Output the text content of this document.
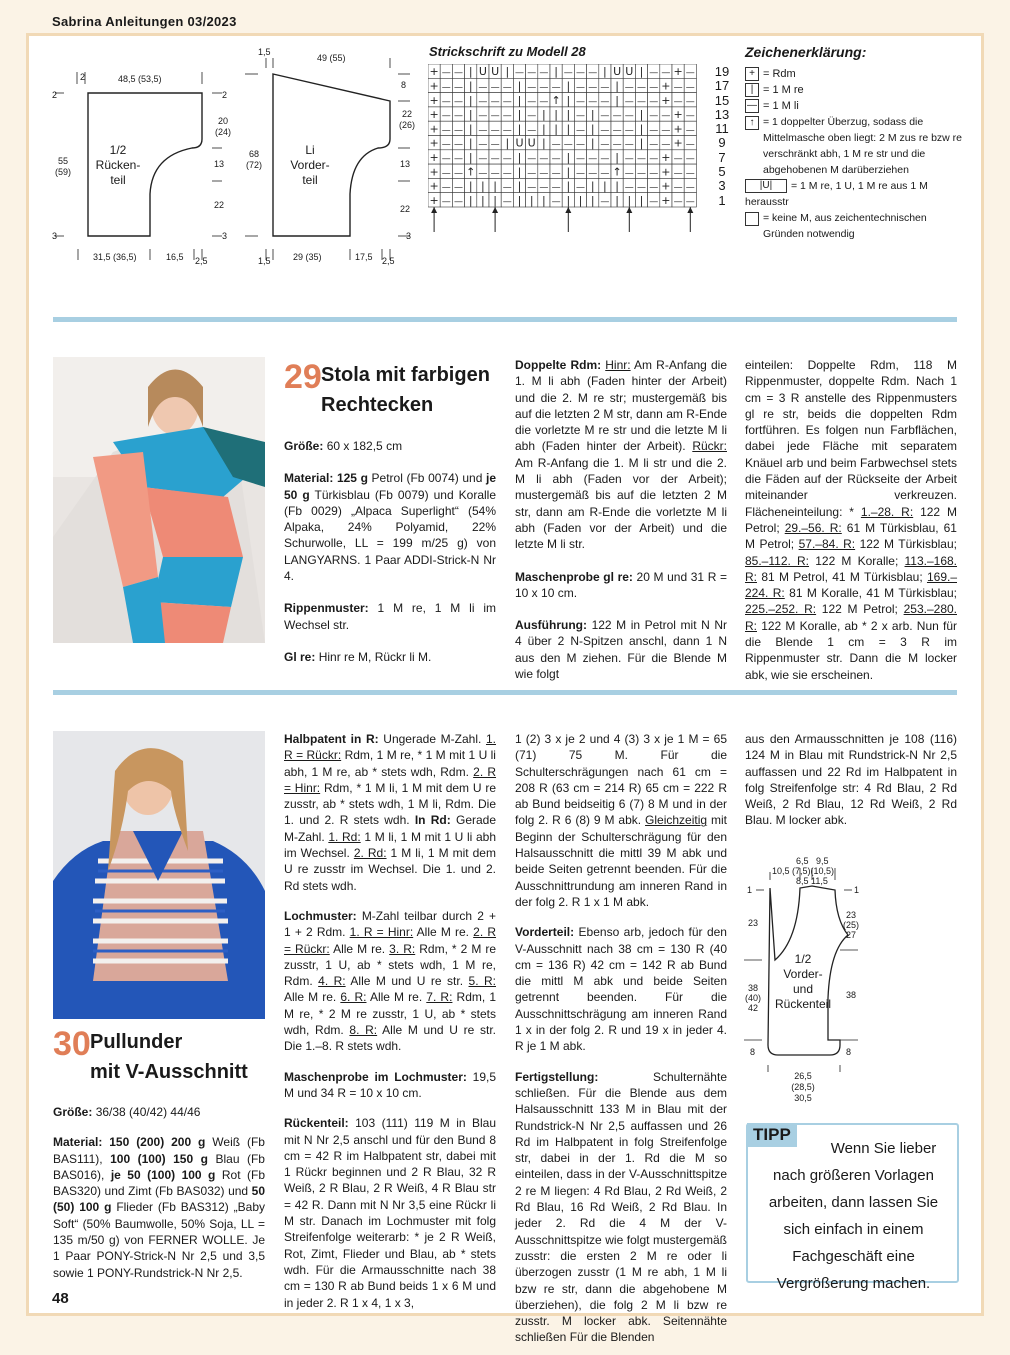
Sabrina Anleitungen 03/2023
2	48,5 (53,5)
2	2
20 (24)
13
22
55 (59)
3	3
1/2
Rücken-
teil
31,5 (36,5)	16,5 2,5
1,5
49 (55)
8
22 (26)
13
22
3
68 (72)
Li
Vorder-
teil
1,5 29 (35)	17,5 2,5
Strickschrift zu Modell 28
+ — — | U U | — — — | — — — | U U | — — + —
+ — — | — — — | — — — | — — — | — — — + — —
+ — — | — — — | — — ↑ | — — — | — — — + — —
+ — — | — — — | — | | | — | — — — | — — + —
+ — — | — — — | — | | | — | — — — | — — + —
+ — — | — — | U U | — — — | — — — | — — + —
+ — — | — — — | — — — | — — — | — — — + — —
+ — — ↑ — — — | — — — | — — — ↑ — — — + — —
+ — — | | | — | — — — | — | | | — — — + — —
+ — — | | | — | | | — | | | — | | | — + — —
19
17
15
13
11
9
7
5
3
1
Zeichenerklärung:
+ = Rdm
| = 1 M re
— = 1 M li
↑ = 1 doppelter Überzug, sodass die Mittelmasche oben liegt: 2 M zus re bzw re verschränkt abh, 1 M re str und die abgehobenen M darüberziehen
|U| = 1 M re, 1 U, 1 M re aus 1 M herausstr
= keine M, aus zeichentechnischen Gründen notwendig
29 Stola mit farbigen
Rechtecken

Größe: 60 x 182,5 cm

Material: 125 g Petrol (Fb 0074) und je 50 g Türkisblau (Fb 0079) und Koralle (Fb 0029) „Alpaca Superlight“ (54% Alpaka, 24% Polyamid, 22% Schurwolle, LL = 199 m/25 g) von LANGYARNS. 1 Paar ADDI-Strick-N Nr 4.

Rippenmuster: 1 M re, 1 M li im Wechsel str.

Gl re: Hinr re M, Rückr li M.

Doppelte Rdm: Hinr: Am R-Anfang die 1. M li abh (Faden hinter der Arbeit) und die 2. M re str; mustergemäß bis auf die letzten 2 M str, dann am R-Ende die vorletzte M re str und die letzte M li abh (Faden hinter der Arbeit). Rückr: Am R-Anfang die 1. M li str und die 2. M li abh (Faden vor der Arbeit); mustergemäß bis auf die letzten 2 M str, dann am R-Ende die vorletzte M li abh (Faden vor der Arbeit) und die letzte M li str.

Maschenprobe gl re: 20 M und 31 R = 10 x 10 cm.

Ausführung: 122 M in Petrol mit N Nr 4 über 2 N-Spitzen anschl, dann 1 N aus den M ziehen. Für die Blende M wie folgt

einteilen: Doppelte Rdm, 118 M Rippenmuster, doppelte Rdm. Nach 1 cm = 3 R anstelle des Rippenmusters gl re str, beids die doppelten Rdm fortführen. Es folgen nun Farbflächen, dabei jede Fläche mit separatem Knäuel arb und beim Farbwechsel stets die Fäden auf der Rückseite der Arbeit miteinander verkreuzen. Flächeneinteilung: * 1.–28. R: 122 M Petrol; 29.–56. R: 61 M Türkisblau, 61 M Petrol; 57.–84. R: 122 M Türkisblau; 85.–112. R: 122 M Koralle; 113.–168. R: 81 M Petrol, 41 M Türkisblau; 169.–224. R: 81 M Koralle, 41 M Türkisblau; 225.–252. R: 122 M Petrol; 253.–280. R: 122 M Koralle, ab * 2 x arb. Nun für die Blende 1 cm = 3 R im Rippenmuster str. Dann die M locker abk, wie sie erscheinen.

30 Pullunder
mit V-Ausschnitt

Größe: 36/38 (40/42) 44/46

Material: 150 (200) 200 g Weiß (Fb BAS111), 100 (100) 150 g Blau (Fb BAS016), je 50 (100) 100 g Rot (Fb BAS320) und Zimt (Fb BAS032) und 50 (50) 100 g Flieder (Fb BAS312) „Baby Soft“ (50% Baumwolle, 50% Soja, LL = 135 m/50 g) von FERNER WOLLE. Je 1 Paar PONY-Strick-N Nr 2,5 und 3,5 sowie 1 PONY-Rundstrick-N Nr 2,5.

Halbpatent in R: Ungerade M-Zahl. 1. R = Rückr: Rdm, 1 M re, * 1 M mit 1 U li abh, 1 M re, ab * stets wdh, Rdm. 2. R = Hinr: Rdm, * 1 M li, 1 M mit dem U re zusstr, ab * stets wdh, 1 M li, Rdm. Die 1. und 2. R stets wdh. In Rd: Gerade M-Zahl. 1. Rd: 1 M li, 1 M mit 1 U li abh im Wechsel. 2. Rd: 1 M li, 1 M mit dem U re zusstr im Wechsel. Die 1. und 2. Rd stets wdh.

Lochmuster: M-Zahl teilbar durch 2 + 1 + 2 Rdm. 1. R = Hinr: Alle M re. 2. R = Rückr: Alle M re. 3. R: Rdm, * 2 M re zusstr, 1 U, ab * stets wdh, 1 M re, Rdm. 4. R: Alle M und U re str. 5. R: Alle M re. 6. R: Alle M re. 7. R: Rdm, 1 M re, * 2 M re zusstr, 1 U, ab * stets wdh, Rdm. 8. R: Alle M und U re str. Die 1.–8. R stets wdh.

Maschenprobe im Lochmuster: 19,5 M und 34 R = 10 x 10 cm.

Rückenteil: 103 (111) 119 M in Blau mit N Nr 2,5 anschl und für den Bund 8 cm = 42 R im Halbpatent str, dabei mit 1 Rückr beginnen und 2 R Blau, 32 R Weiß, 2 R Blau, 2 R Weiß, 4 R Blau str = 42 R. Dann mit N Nr 3,5 eine Rückr li M str. Danach im Lochmuster mit folg Streifenfolge weiterarb: * je 2 R Weiß, Rot, Zimt, Flieder und Blau, ab * stets wdh. Für die Armausschnitte nach 38 cm = 130 R ab Bund beids 1 x 6 M und in jeder 2. R 1 x 4, 1 x 3,

1 (2) 3 x je 2 und 4 (3) 3 x je 1 M = 65 (71) 75 M. Für die Schulterschrägungen nach 61 cm = 208 R (63 cm = 214 R) 65 cm = 222 R ab Bund beidseitig 6 (7) 8 M und in der folg 2. R 6 (8) 9 M abk. Gleichzeitig mit Beginn der Schulterschrägung für den Halsausschnitt die mittl 39 M abk und beide Seiten getrennt beenden. Für die Ausschnittrundung am inneren Rand in der folg 2. R 1 x 1 M abk.

Vorderteil: Ebenso arb, jedoch für den V-Ausschnitt nach 38 cm = 130 R (40 cm = 136 R) 42 cm = 142 R ab Bund die mittl M abk und beide Seiten getrennt beenden. Für die Ausschnittschrägung am inneren Rand 1 x in der folg 2. R und 19 x in jeder 4. R je 1 M abk.

Fertigstellung:	Schulternähte schließen. Für die Blende aus dem Halsausschnitt 133 M in Blau mit der Rundstrick-N Nr 2,5 auffassen und 26 Rd im Halbpatent in folg Streifenfolge str, dabei in der 1. Rd die M so einteilen, dass in der V-Ausschnittspitze 2 re M liegen: 4 Rd Blau, 2 Rd Weiß, 2 Rd Blau, 16 Rd Weiß, 2 Rd Blau. In jeder 2. Rd die 4 M der V-Ausschnittspitze wie folgt mustergemäß zusstr: die ersten 2 M re oder li überzogen zusstr (1 M re abh, 1 M li bzw re str, dann die abgehobene M überziehen), die folg 2 M li bzw re zusstr. M locker abk. Seitennähte schließen Für die Blenden

aus den Armausschnitten je 108 (116) 124 M in Blau mit Rundstrick-N Nr 2,5 auffassen und 22 Rd im Halbpatent in folg Streifenfolge str: 4 Rd Blau, 2 Rd Weiß, 2 Rd Blau, 12 Rd Weiß, 2 Rd Blau. M locker abk.

6,5 9,5
10,5 (7,5)(10,5)
8,5 11,5
1	1
23
23 (25) 27
38 (40) 42
38
8	8
1/2
Vorder-
und
Rückenteil
26,5 (28,5) 30,5
TIPP
Wenn Sie lieber nach größeren Vorlagen arbeiten, dann lassen Sie sich einfach in einem Fachgeschäft eine Vergrößerung machen.
48
